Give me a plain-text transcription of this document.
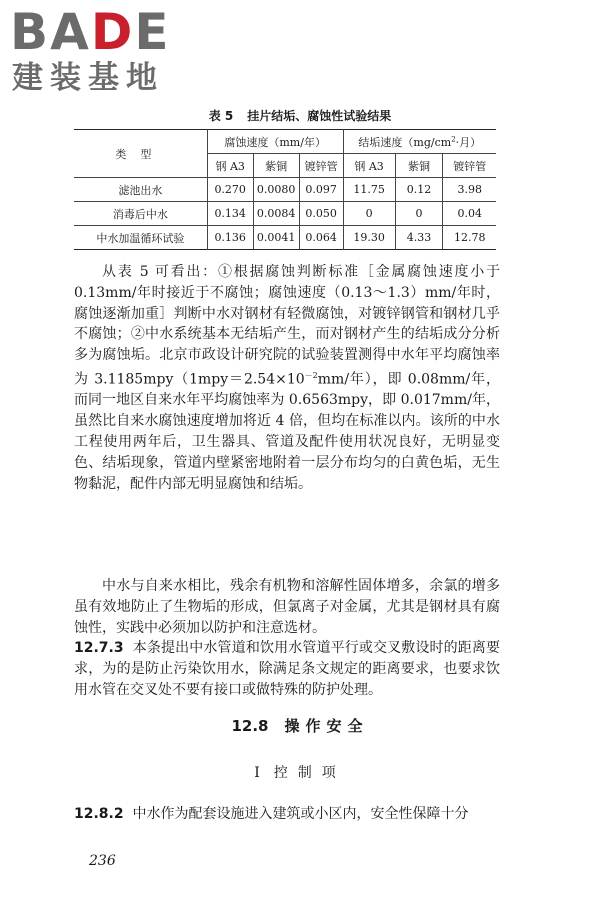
BADE
建装基地
表 5 挂片结垢、腐蚀性试验结果
类型	腐蚀速度（mm/年）			结垢速度（$mg/cm^2\cdot$月）		
	钢 A3	紫铜	镀锌管	钢 A3	紫铜	镀锌管
滤池出水	0.270	0.0080	0.097	11.75	0.12	3.98
消毒后中水	0.134	0.0084	0.050	0	0	0.04
中水加温循环试验	0.136	0.0041	0.064	19.30	4.33	12.78

从表 5 可看出：①根据腐蚀判断标准［金属腐蚀速度小于 0.13mm/年时接近于不腐蚀；腐蚀速度（0.13～1.3）mm/年时，腐蚀逐渐加重］判断中水对钢材有轻微腐蚀，对镀锌钢管和钢材几乎不腐蚀；②中水系统基本无结垢产生，而对钢材产生的结垢成分分析多为腐蚀垢。北京市政设计研究院的试验装置测得中水年平均腐蚀率为 $3.1185mpy(1mpy=2.54\times 10^{-2}mm/$年），即 0.08mm/年，而同一地区自来水年平均腐蚀率为 0.6563mpy，即 0.017mm/年，虽然比自来水腐蚀速度增加将近 4 倍，但均在标准以内。该所的中水工程使用两年后，卫生器具、管道及配件使用状况良好，无明显变色、结垢现象，管道内壁紧密地附着一层分布均匀的白黄色垢，无生物黏泥，配件内部无明显腐蚀和结垢。

中水与自来水相比，残余有机物和溶解性固体增多，余氯的增多虽有效地防止了生物垢的形成，但氯离子对金属，尤其是钢材具有腐蚀性，实践中必须加以防护和注意选材。

12.7.3 本条提出中水管道和饮用水管道平行或交叉敷设时的距离要求，为的是防止污染饮用水，除满足条文规定的距离要求，也要求饮用水管在交叉处不要有接口或做特殊的防护处理。

12.8 操作安全
Ⅰ 控制项

12.8.2 中水作为配套设施进入建筑或小区内，安全性保障十分

236
